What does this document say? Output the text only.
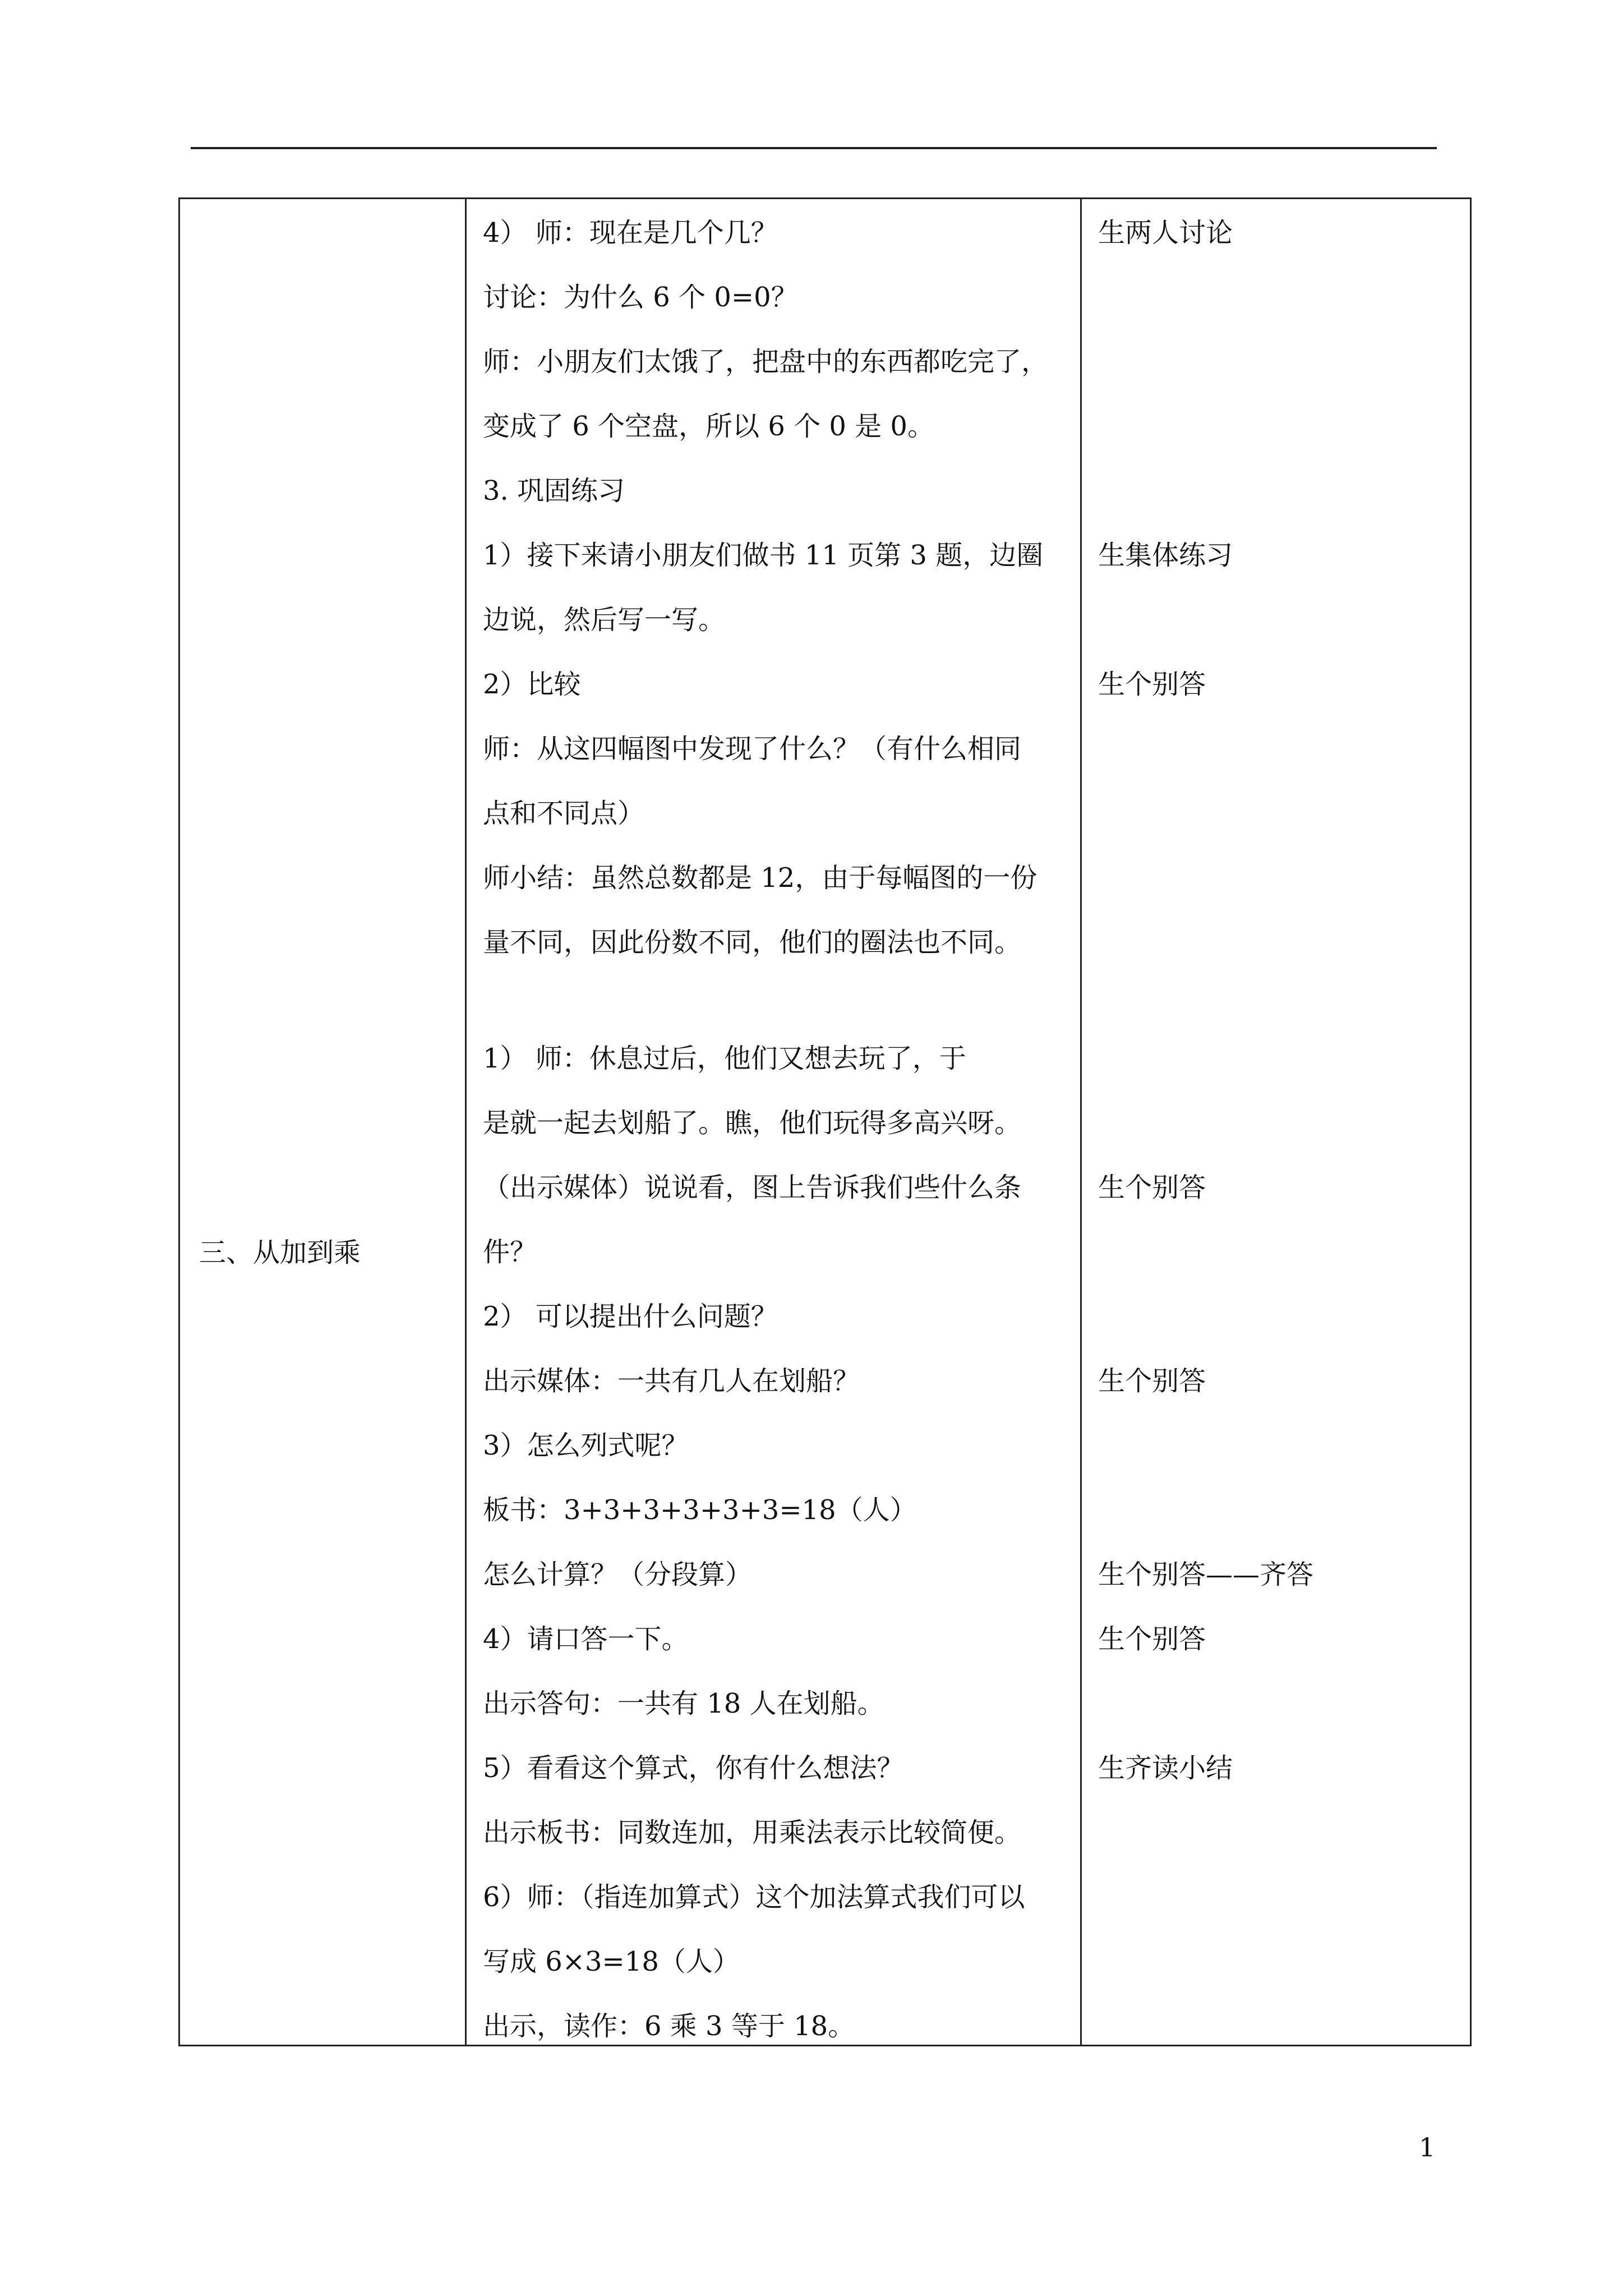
三、从加到乘
4） 师：现在是几个几？
讨论：为什么 6 个 0=0？
师：小朋友们太饿了，把盘中的东西都吃完了，
变成了 6 个空盘，所以 6 个 0 是 0。
3. 巩固练习
1）接下来请小朋友们做书 11 页第 3 题，边圈
边说，然后写一写。
2）比较
师：从这四幅图中发现了什么？（有什么相同
点和不同点）
师小结：虽然总数都是 12，由于每幅图的一份
量不同，因此份数不同，他们的圈法也不同。
1） 师：休息过后，他们又想去玩了，于
是就一起去划船了。瞧，他们玩得多高兴呀。
（出示媒体）说说看，图上告诉我们些什么条
件？
2） 可以提出什么问题？
出示媒体：一共有几人在划船？
3）怎么列式呢？
板书：3+3+3+3+3+3=18（人）
怎么计算？（分段算）
4）请口答一下。
出示答句：一共有 18 人在划船。
5）看看这个算式，你有什么想法？
出示板书：同数连加，用乘法表示比较简便。
6）师：（指连加算式）这个加法算式我们可以
写成 6×3=18（人）
出示，读作：6 乘 3 等于 18。
生两人讨论
生集体练习
生个别答
生个别答
生个别答
生个别答——齐答
生个别答
生齐读小结
1
